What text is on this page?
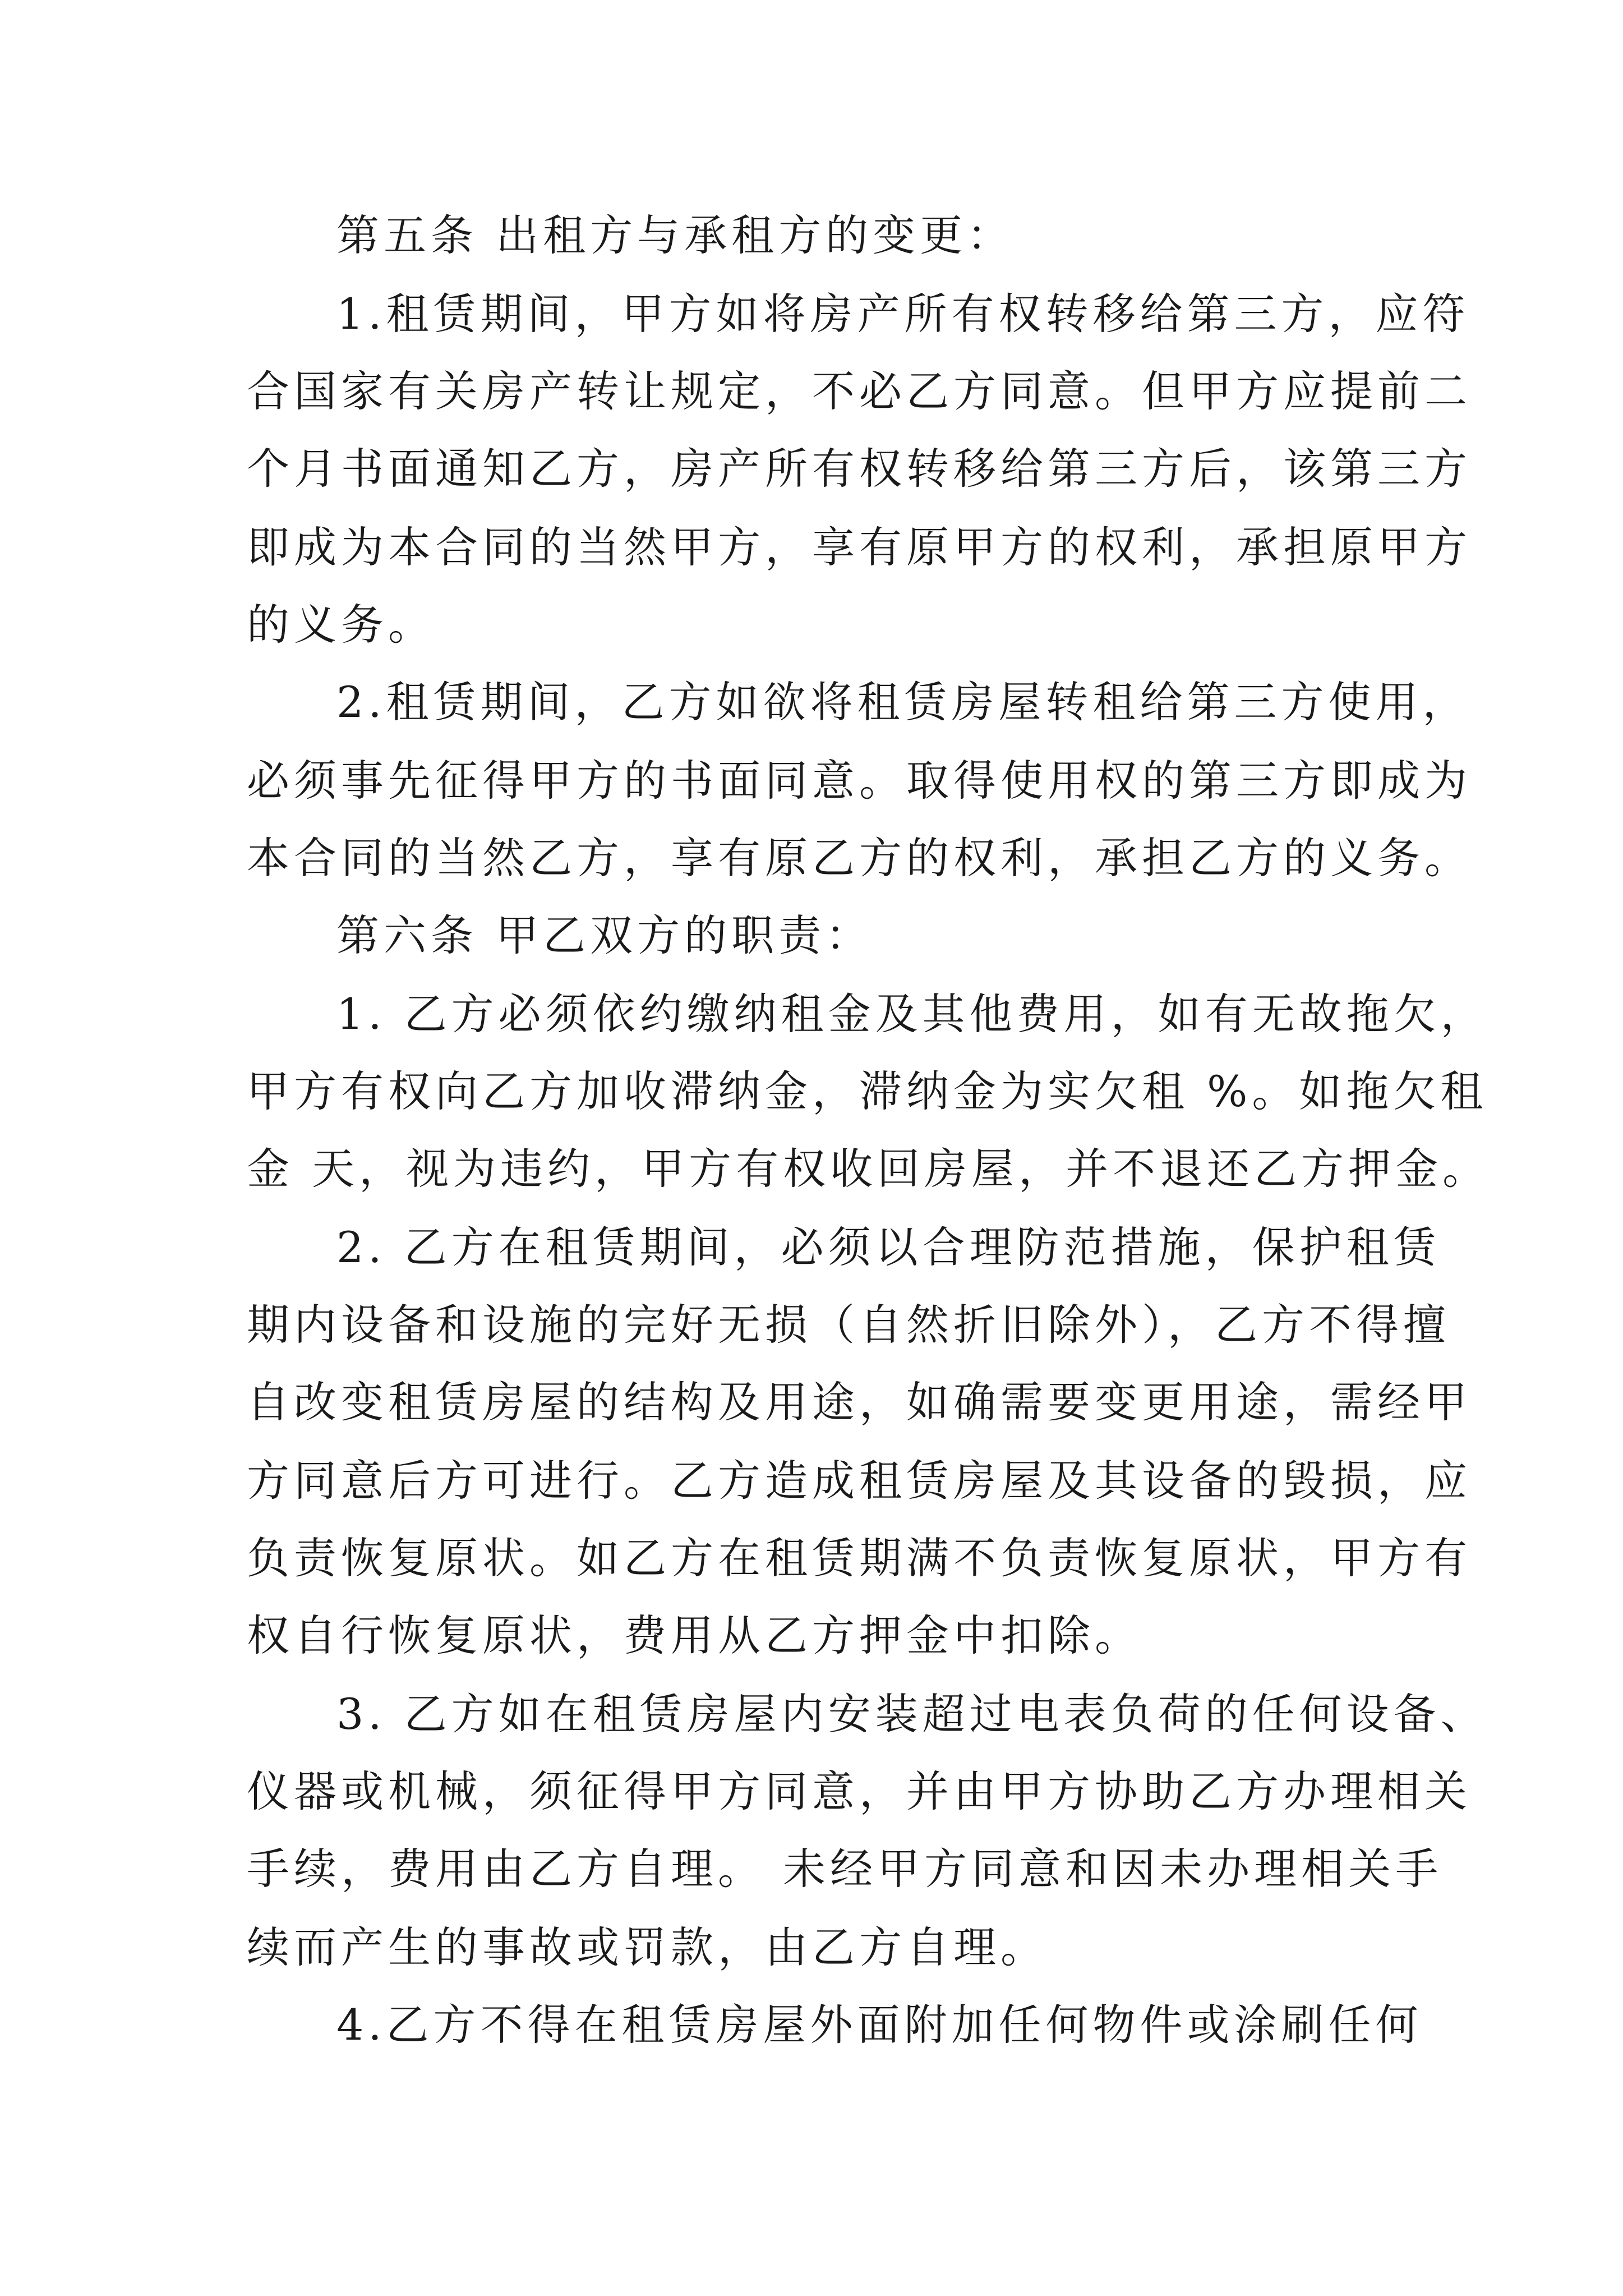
第五条 出租方与承租方的变更：
1.租赁期间，甲方如将房产所有权转移给第三方，应符
合国家有关房产转让规定，不必乙方同意。但甲方应提前二
个月书面通知乙方，房产所有权转移给第三方后，该第三方
即成为本合同的当然甲方，享有原甲方的权利，承担原甲方
的义务。
2.租赁期间，乙方如欲将租赁房屋转租给第三方使用，
必须事先征得甲方的书面同意。取得使用权的第三方即成为
本合同的当然乙方，享有原乙方的权利，承担乙方的义务。
第六条 甲乙双方的职责：
1. 乙方必须依约缴纳租金及其他费用，如有无故拖欠，
甲方有权向乙方加收滞纳金，滞纳金为实欠租 %。如拖欠租
金 天，视为违约，甲方有权收回房屋，并不退还乙方押金。
2. 乙方在租赁期间，必须以合理防范措施，保护租赁
期内设备和设施的完好无损（自然折旧除外），乙方不得擅
自改变租赁房屋的结构及用途，如确需要变更用途，需经甲
方同意后方可进行。乙方造成租赁房屋及其设备的毁损，应
负责恢复原状。如乙方在租赁期满不负责恢复原状，甲方有
权自行恢复原状，费用从乙方押金中扣除。
3. 乙方如在租赁房屋内安装超过电表负荷的任何设备、
仪器或机械，须征得甲方同意，并由甲方协助乙方办理相关
手续，费用由乙方自理。 未经甲方同意和因未办理相关手
续而产生的事故或罚款，由乙方自理。
4.乙方不得在租赁房屋外面附加任何物件或涂刷任何
